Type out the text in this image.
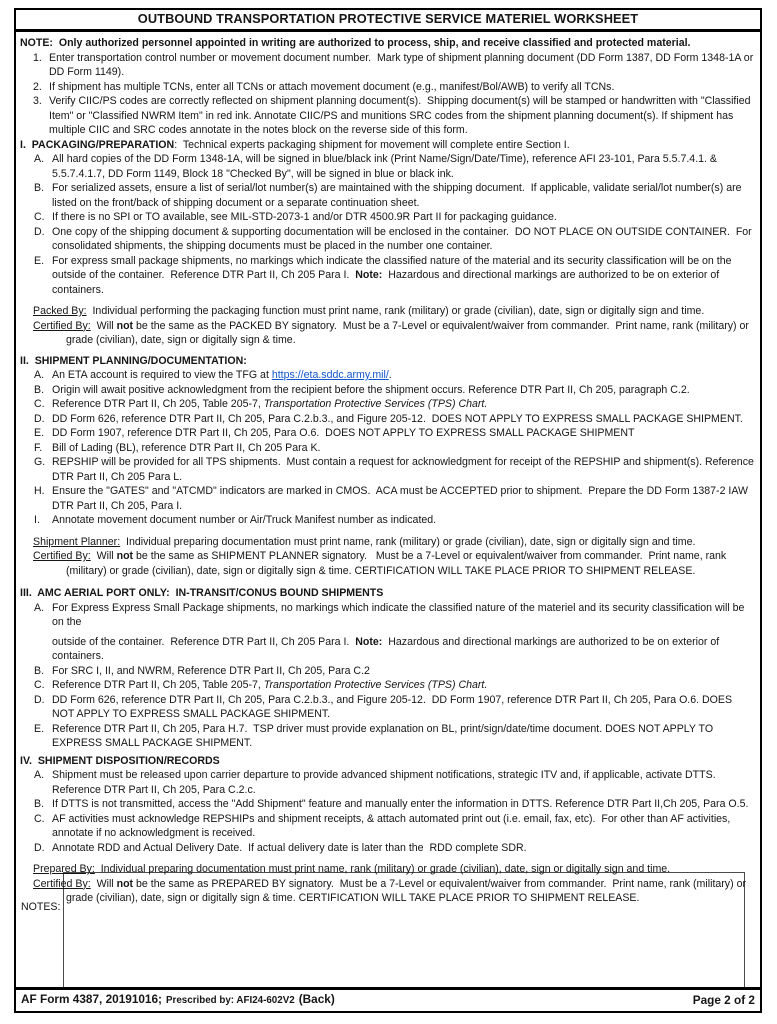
OUTBOUND TRANSPORTATION PROTECTIVE SERVICE MATERIEL WORKSHEET
NOTE:  Only authorized personnel appointed in writing are authorized to process, ship, and receive classified and protected material.
1. Enter transportation control number or movement document number.  Mark type of shipment planning document (DD Form 1387, DD Form 1348-1A or DD Form 1149).
2. If shipment has multiple TCNs, enter all TCNs or attach movement document (e.g., manifest/Bol/AWB) to verify all TCNs.
3. Verify CIIC/PS codes are correctly reflected on shipment planning document(s).  Shipping document(s) will be stamped or handwritten with "Classified Item" or "Classified NWRM Item" in red ink. Annotate CIIC/PS and munitions SRC codes from the shipment planning document(s). If shipment has multiple CIIC and SRC codes annotate in the notes block on the reverse side of this form.
I.  PACKAGING/PREPARATION:  Technical experts packaging shipment for movement will complete entire Section I.
A. All hard copies of the DD Form 1348-1A, will be signed in blue/black ink (Print Name/Sign/Date/Time), reference AFI 23-101, Para 5.5.7.4.1. & 5.5.7.4.1.7, DD Form 1149, Block 18 "Checked By", will be signed in blue or black ink.
B. For serialized assets, ensure a list of serial/lot number(s) are maintained with the shipping document.  If applicable, validate serial/lot number(s) are listed on the front/back of shipping document or a separate continuation sheet.
C. If there is no SPI or TO available, see MIL-STD-2073-1 and/or DTR 4500.9R Part II for packaging guidance.
D. One copy of the shipping document & supporting documentation will be enclosed in the container.  DO NOT PLACE ON OUTSIDE CONTAINER.  For consolidated shipments, the shipping documents must be placed in the number one container.
E. For express small package shipments, no markings which indicate the classified nature of the material and its security classification will be on the outside of the container.  Reference DTR Part II, Ch 205 Para I.  Note:  Hazardous and directional markings are authorized to be on exterior of containers.
Packed By:  Individual performing the packaging function must print name, rank (military) or grade (civilian), date, sign or digitally sign and time.
Certified By:  Will not be the same as the PACKED BY signatory.  Must be a 7-Level or equivalent/waiver from commander.  Print name, rank (military) or grade (civilian), date, sign or digitally sign & time.
II.  SHIPMENT PLANNING/DOCUMENTATION:
A. An ETA account is required to view the TFG at https://eta.sddc.army.mil/.
B. Origin will await positive acknowledgment from the recipient before the shipment occurs. Reference DTR Part II, Ch 205, paragraph C.2.
C. Reference DTR Part II, Ch 205, Table 205-7, Transportation Protective Services (TPS) Chart.
D. DD Form 626, reference DTR Part II, Ch 205, Para C.2.b.3., and Figure 205-12.  DOES NOT APPLY TO EXPRESS SMALL PACKAGE SHIPMENT.
E. DD Form 1907, reference DTR Part II, Ch 205, Para O.6.  DOES NOT APPLY TO EXPRESS SMALL PACKAGE SHIPMENT
F. Bill of Lading (BL), reference DTR Part II, Ch 205 Para K.
G. REPSHIP will be provided for all TPS shipments.  Must contain a request for acknowledgment for receipt of the REPSHIP and shipment(s). Reference DTR Part II, Ch 205 Para L.
H. Ensure the "GATES" and "ATCMD" indicators are marked in CMOS.  ACA must be ACCEPTED prior to shipment.  Prepare the DD Form 1387-2 IAW DTR Part II, Ch 205, Para I.
I. Annotate movement document number or Air/Truck Manifest number as indicated.
Shipment Planner:  Individual preparing documentation must print name, rank (military) or grade (civilian), date, sign or digitally sign and time.
Certified By:  Will not be the same as SHIPMENT PLANNER signatory.   Must be a 7-Level or equivalent/waiver from commander.  Print name, rank (military) or grade (civilian), date, sign or digitally sign & time. CERTIFICATION WILL TAKE PLACE PRIOR TO SHIPMENT RELEASE.
III.  AMC AERIAL PORT ONLY:  IN-TRANSIT/CONUS BOUND SHIPMENTS
A. For Express Express Small Package shipments, no markings which indicate the classified nature of the materiel and its security classification will be on the
outside of the container.  Reference DTR Part II, Ch 205 Para I.  Note:  Hazardous and directional markings are authorized to be on exterior of containers.
B. For SRC I, II, and NWRM, Reference DTR Part II, Ch 205, Para C.2
C. Reference DTR Part II, Ch 205, Table 205-7, Transportation Protective Services (TPS) Chart.
D. DD Form 626, reference DTR Part II, Ch 205, Para C.2.b.3., and Figure 205-12.  DD Form 1907, reference DTR Part II, Ch 205, Para O.6. DOES NOT APPLY TO EXPRESS SMALL PACKAGE SHIPMENT.
E. Reference DTR Part II, Ch 205, Para H.7.  TSP driver must provide explanation on BL, print/sign/date/time document. DOES NOT APPLY TO EXPRESS SMALL PACKAGE SHIPMENT.
IV.  SHIPMENT DISPOSITION/RECORDS
A. Shipment must be released upon carrier departure to provide advanced shipment notifications, strategic ITV and, if applicable, activate DTTS. Reference DTR Part II, Ch 205, Para C.2.c.
B. If DTTS is not transmitted, access the "Add Shipment" feature and manually enter the information in DTTS. Reference DTR Part II,Ch 205, Para O.5.
C. AF activities must acknowledge REPSHIPs and shipment receipts, & attach automated print out (i.e. email, fax, etc).  For other than AF activities, annotate if no acknowledgment is received.
D. Annotate RDD and Actual Delivery Date.  If actual delivery date is later than the  RDD complete SDR.
Prepared By:  Individual preparing documentation must print name, rank (military) or grade (civilian), date, sign or digitally sign and time.
Certified By:  Will not be the same as PREPARED BY signatory.  Must be a 7-Level or equivalent/waiver from commander.  Print name, rank (military) or grade (civilian), date, sign or digitally sign & time. CERTIFICATION WILL TAKE PLACE PRIOR TO SHIPMENT RELEASE.
NOTES:
AF Form 4387, 20191016; Prescribed by: AFI24-602V2 (Back)	Page 2 of 2
